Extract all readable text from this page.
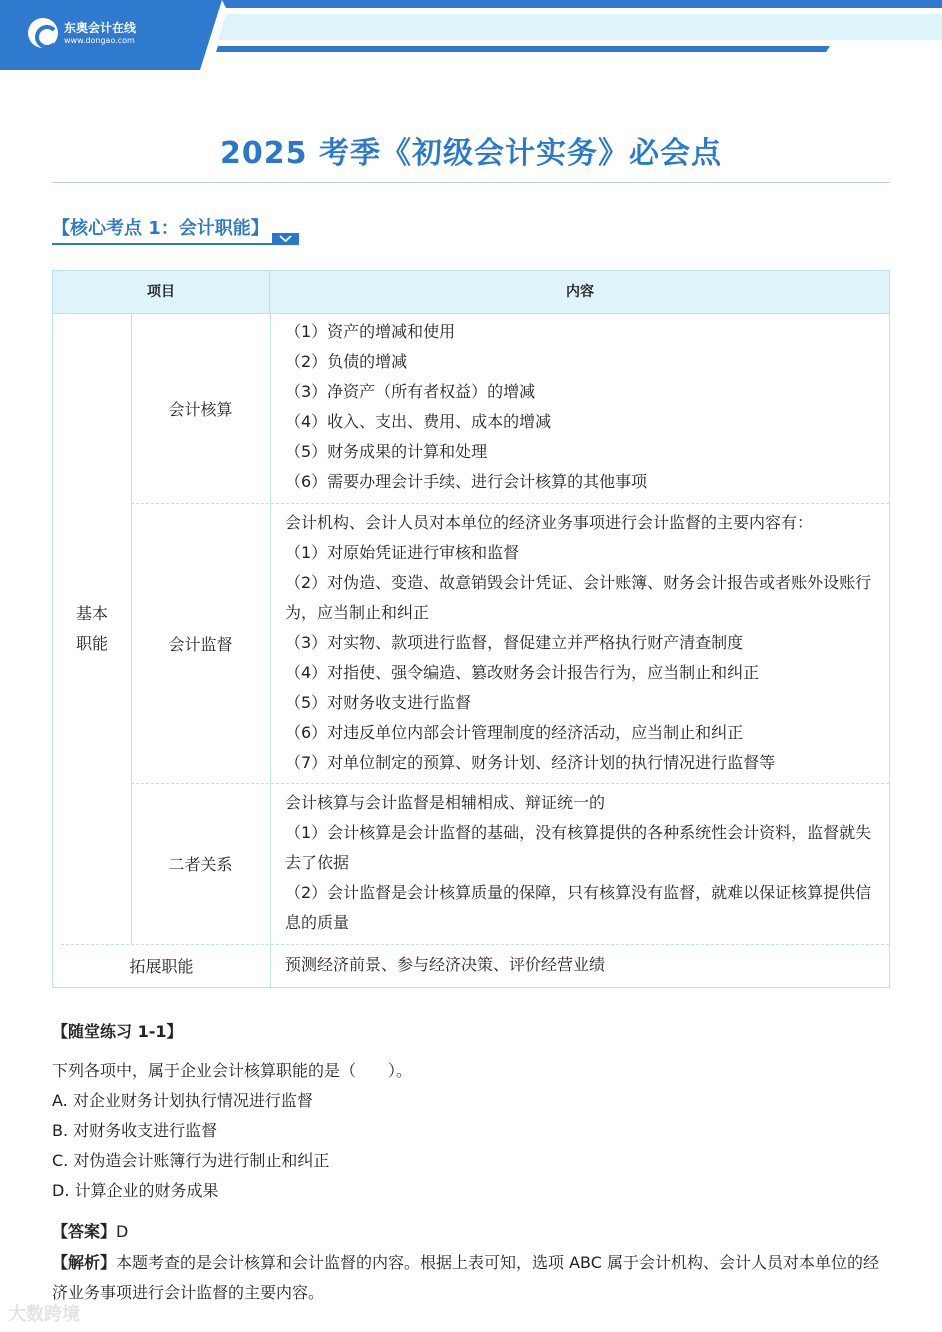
东奥会计在线
www.dongao.com
初级
2025 考季《初级会计实务》必会点
【核心考点 1：会计职能】
项目	内容
基本
职能
会计核算
（1）资产的增减和使用
（2）负债的增减
（3）净资产（所有者权益）的增减
（4）收入、支出、费用、成本的增减
（5）财务成果的计算和处理
（6）需要办理会计手续、进行会计核算的其他事项
会计监督
会计机构、会计人员对本单位的经济业务事项进行会计监督的主要内容有：
（1）对原始凭证进行审核和监督
（2）对伪造、变造、故意销毁会计凭证、会计账簿、财务会计报告或者账外设账行为，应当制止和纠正
（3）对实物、款项进行监督，督促建立并严格执行财产清查制度
（4）对指使、强令编造、篡改财务会计报告行为，应当制止和纠正
（5）对财务收支进行监督
（6）对违反单位内部会计管理制度的经济活动，应当制止和纠正
（7）对单位制定的预算、财务计划、经济计划的执行情况进行监督等
二者关系
会计核算与会计监督是相辅相成、辩证统一的
（1）会计核算是会计监督的基础，没有核算提供的各种系统性会计资料，监督就失去了依据
（2）会计监督是会计核算质量的保障，只有核算没有监督，就难以保证核算提供信息的质量
拓展职能	预测经济前景、参与经济决策、评价经营业绩
【随堂练习 1-1】
下列各项中，属于企业会计核算职能的是（　　）。
A. 对企业财务计划执行情况进行监督
B. 对财务收支进行监督
C. 对伪造会计账簿行为进行制止和纠正
D. 计算企业的财务成果
【答案】D
【解析】本题考查的是会计核算和会计监督的内容。根据上表可知，选项 ABC 属于会计机构、会计人员对本单位的经济业务事项进行会计监督的主要内容。
大数跨境
